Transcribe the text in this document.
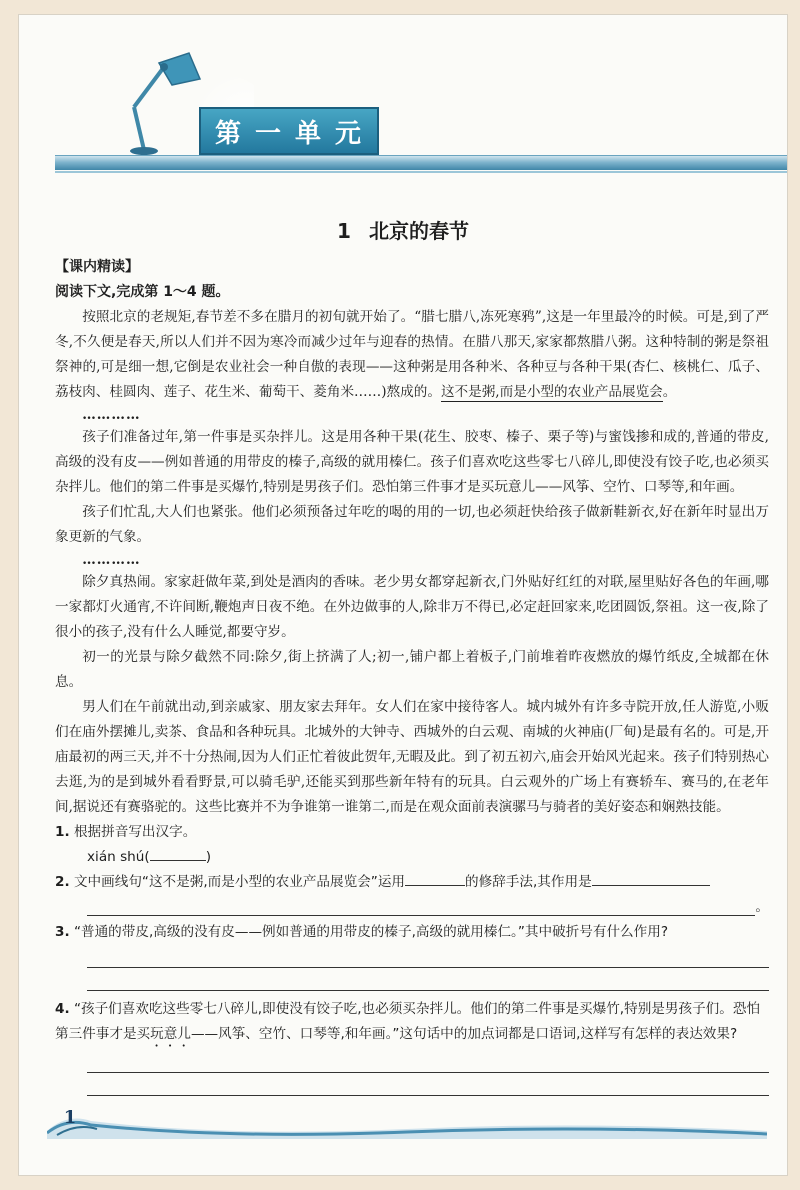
第 一 单 元
1 北京的春节
【课内精读】
阅读下文,完成第 1～4 题。

按照北京的老规矩,春节差不多在腊月的初旬就开始了。“腊七腊八,冻死寒鸦”,这是一年里最冷的时候。可是,到了严冬,不久便是春天,所以人们并不因为寒冷而减少过年与迎春的热情。在腊八那天,家家都熬腊八粥。这种特制的粥是祭祖祭神的,可是细一想,它倒是农业社会一种自傲的表现——这种粥是用各种米、各种豆与各种干果(杏仁、核桃仁、瓜子、荔枝肉、桂圆肉、莲子、花生米、葡萄干、菱角米……)熬成的。这不是粥,而是小型的农业产品展览会。

…………

孩子们准备过年,第一件事是买杂拌儿。这是用各种干果(花生、胶枣、榛子、栗子等)与蜜饯掺和成的,普通的带皮,高级的没有皮——例如普通的用带皮的榛子,高级的就用榛仁。孩子们喜欢吃这些零七八碎儿,即使没有饺子吃,也必须买杂拌儿。他们的第二件事是买爆竹,特别是男孩子们。恐怕第三件事才是买玩意儿——风筝、空竹、口琴等,和年画。

孩子们忙乱,大人们也紧张。他们必须预备过年吃的喝的用的一切,也必须赶快给孩子做新鞋新衣,好在新年时显出万象更新的气象。

…………

除夕真热闹。家家赶做年菜,到处是酒肉的香味。老少男女都穿起新衣,门外贴好红红的对联,屋里贴好各色的年画,哪一家都灯火通宵,不许间断,鞭炮声日夜不绝。在外边做事的人,除非万不得已,必定赶回家来,吃团圆饭,祭祖。这一夜,除了很小的孩子,没有什么人睡觉,都要守岁。

初一的光景与除夕截然不同:除夕,街上挤满了人;初一,铺户都上着板子,门前堆着昨夜燃放的爆竹纸皮,全城都在休息。

男人们在午前就出动,到亲戚家、朋友家去拜年。女人们在家中接待客人。城内城外有许多寺院开放,任人游览,小贩们在庙外摆摊儿,卖茶、食品和各种玩具。北城外的大钟寺、西城外的白云观、南城的火神庙(厂甸)是最有名的。可是,开庙最初的两三天,并不十分热闹,因为人们正忙着彼此贺年,无暇及此。到了初五初六,庙会开始风光起来。孩子们特别热心去逛,为的是到城外看看野景,可以骑毛驴,还能买到那些新年特有的玩具。白云观外的广场上有赛轿车、赛马的,在老年间,据说还有赛骆驼的。这些比赛并不为争谁第一谁第二,而是在观众面前表演骡马与骑者的美好姿态和娴熟技能。

1. 根据拼音写出汉字。
xián shú(	)
2. 文中画线句“这不是粥,而是小型的农业产品展览会”运用	的修辞手法,其作用是
。
3. “普通的带皮,高级的没有皮——例如普通的用带皮的榛子,高级的就用榛仁。”其中破折号有什么作用?
4. “孩子们喜欢吃这些零七八碎儿,即使没有饺子吃,也必须买杂拌儿。他们的第二件事是买爆竹,特别是男孩子们。恐怕第三件事才是买玩意儿——风筝、空竹、口琴等,和年画。”这句话中的加点词都是口语词,这样写有怎样的表达效果?
1
